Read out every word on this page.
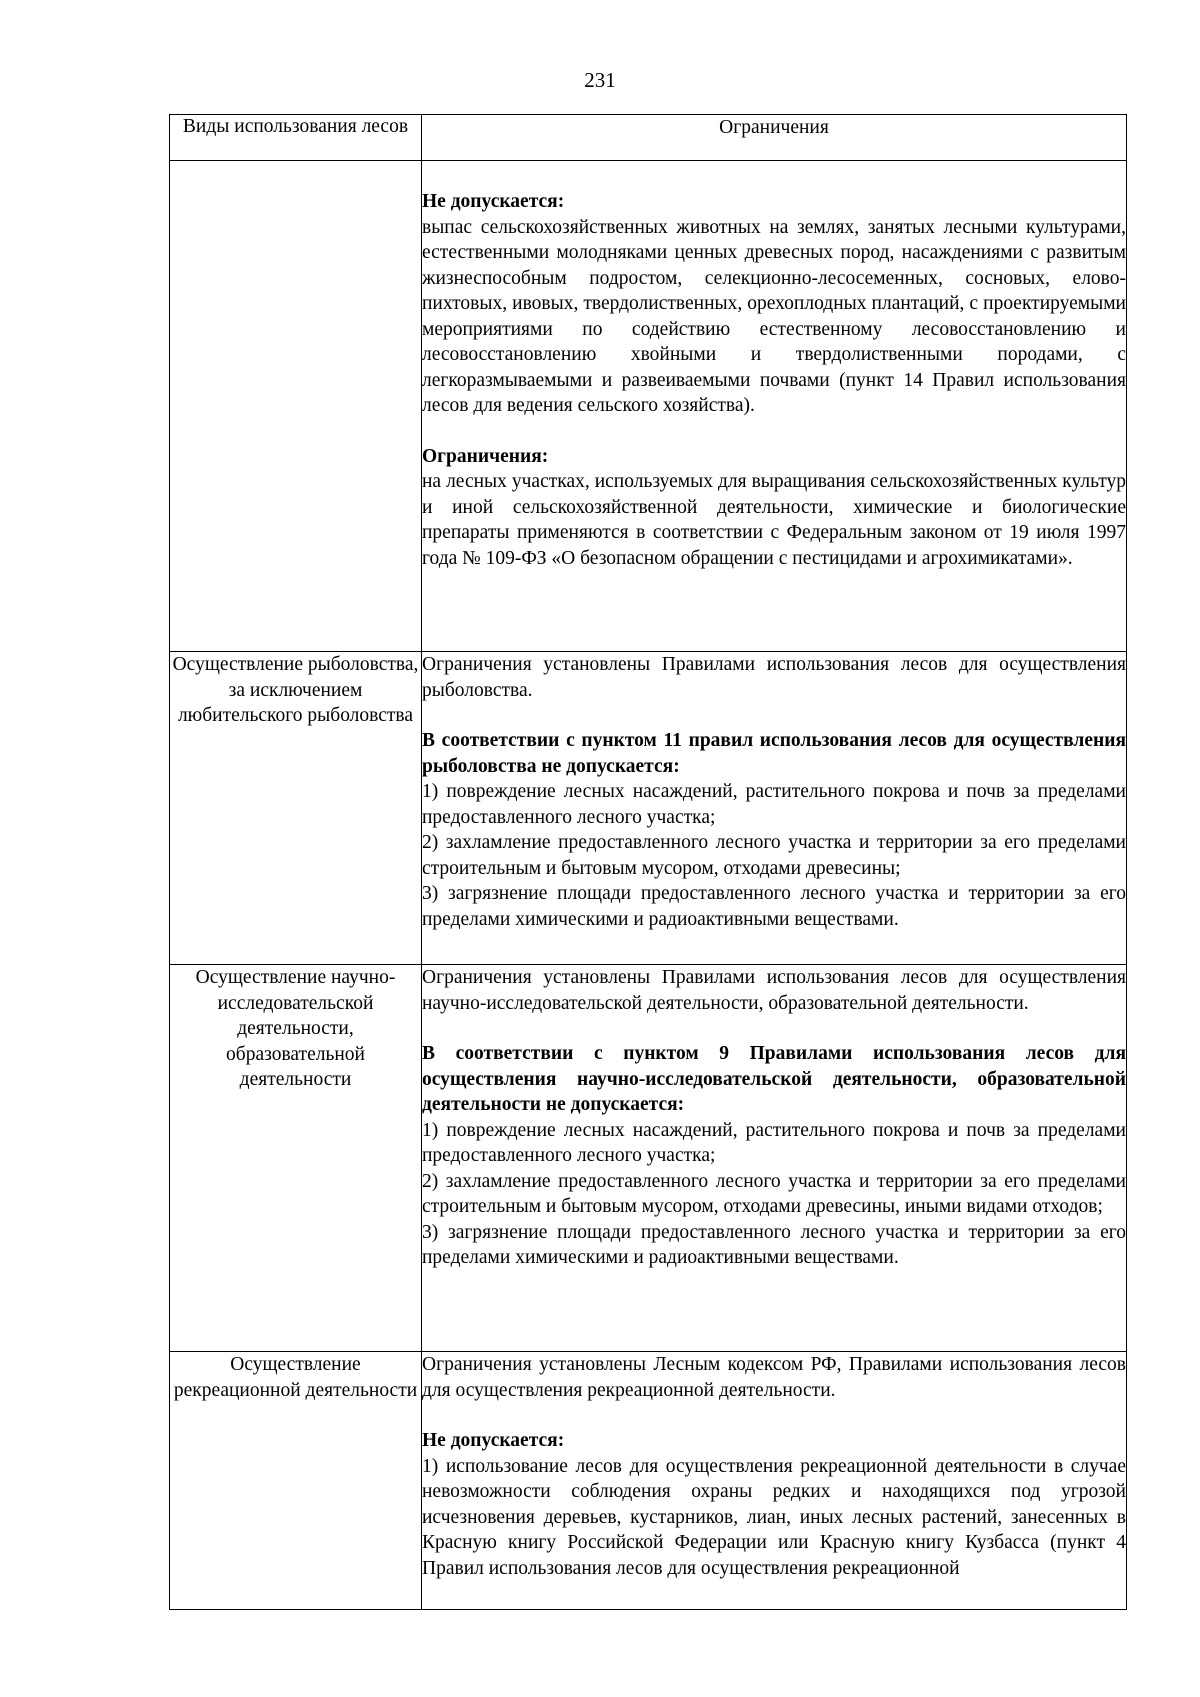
231
Виды использования лесов	Ограничения

	Не допускается:
выпас сельскохозяйственных животных на землях, занятых лесными культурами, естественными молодняками ценных древесных пород, насаждениями с развитым жизнеспособным подростом, селекционно-лесосеменных, сосновых, елово-пихтовых, ивовых, твердолиственных, орехоплодных плантаций, с проектируемыми мероприятиями по содействию естественному лесовосстановлению и лесовосстановлению хвойными и твердолиственными породами, с легкоразмываемыми и развеиваемыми почвами (пункт 14 Правил использования лесов для ведения сельского хозяйства).
Ограничения:
на лесных участках, используемых для выращивания сельскохозяйственных культур и иной сельскохозяйственной деятельности, химические и биологические препараты применяются в соответствии с Федеральным законом от 19 июля 1997 года № 109-ФЗ «О безопасном обращении с пестицидами и агрохимикатами».

Осуществление рыболовства, за исключением любительского рыболовства	Ограничения установлены Правилами использования лесов для осуществления рыболовства.
В соответствии с пунктом 11 правил использования лесов для осуществления рыболовства не допускается:
1) повреждение лесных насаждений, растительного покрова и почв за пределами предоставленного лесного участка;
2) захламление предоставленного лесного участка и территории за его пределами строительным и бытовым мусором, отходами древесины;
3) загрязнение площади предоставленного лесного участка и территории за его пределами химическими и радиоактивными веществами.

Осуществление научно-исследовательской деятельности, образовательной деятельности	Ограничения установлены Правилами использования лесов для осуществления научно-исследовательской деятельности, образовательной деятельности.
В соответствии с пунктом 9 Правилами использования лесов для осуществления научно-исследовательской деятельности, образовательной деятельности не допускается:
1) повреждение лесных насаждений, растительного покрова и почв за пределами предоставленного лесного участка;
2) захламление предоставленного лесного участка и территории за его пределами строительным и бытовым мусором, отходами древесины, иными видами отходов;
3) загрязнение площади предоставленного лесного участка и территории за его пределами химическими и радиоактивными веществами.

Осуществление рекреационной деятельности	Ограничения установлены Лесным кодексом РФ, Правилами использования лесов для осуществления рекреационной деятельности.
Не допускается:
1) использование лесов для осуществления рекреационной деятельности в случае невозможности соблюдения охраны редких и находящихся под угрозой исчезновения деревьев, кустарников, лиан, иных лесных растений, занесенных в Красную книгу Российской Федерации или Красную книгу Кузбасса (пункт 4 Правил использования лесов для осуществления рекреационной
